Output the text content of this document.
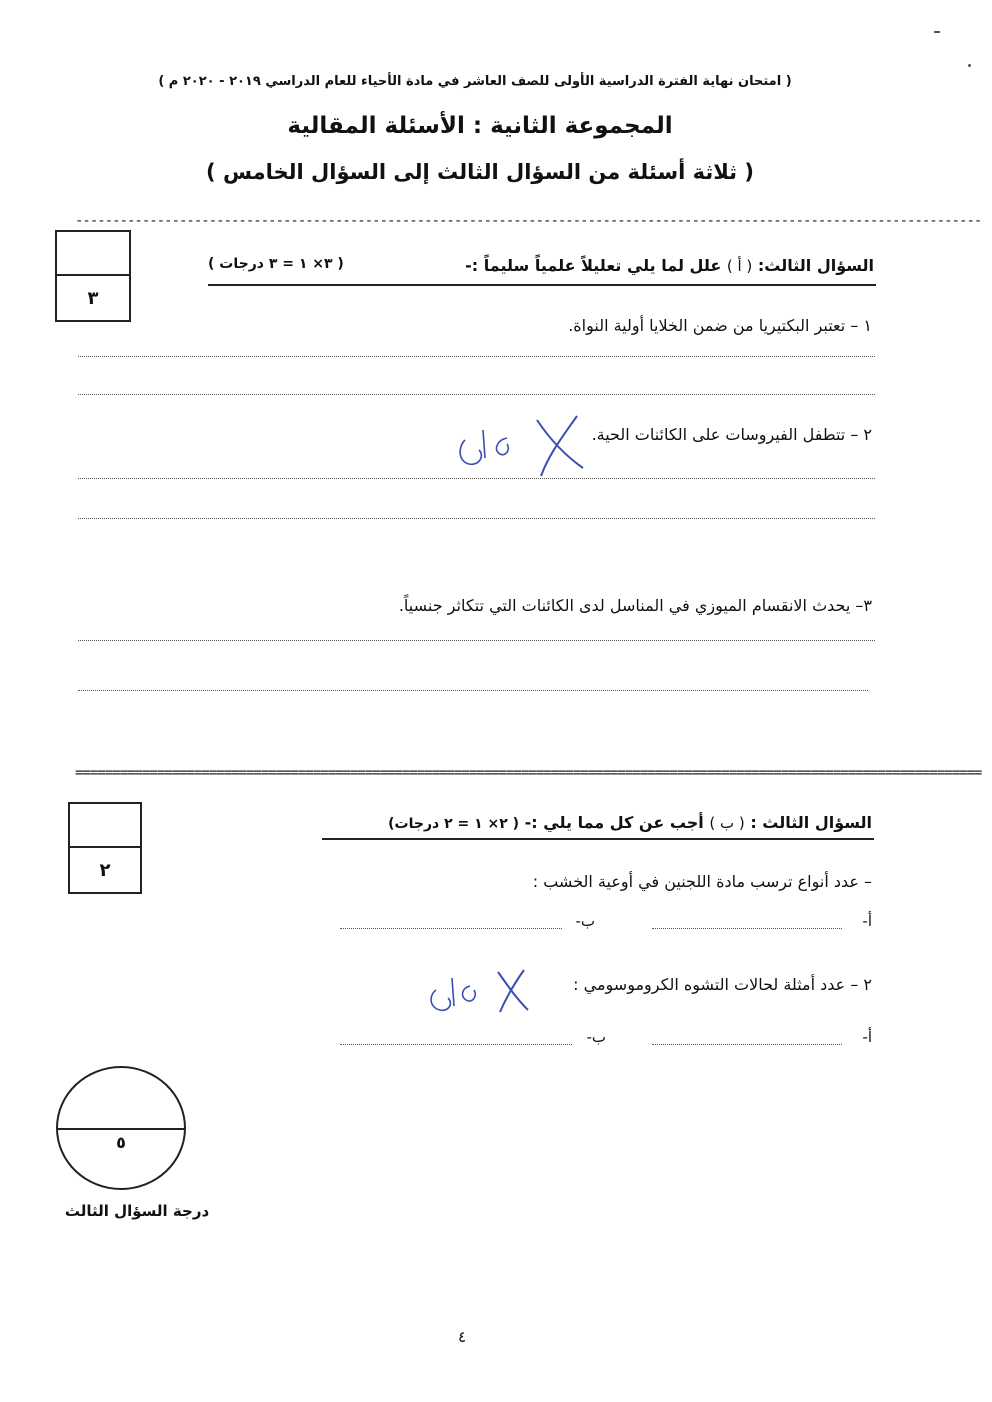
( امتحان نهاية الفترة الدراسية الأولى للصف العاشر في مادة الأحياء للعام الدراسي ٢٠١٩ - ٢٠٢٠ م )
المجموعة الثانية : الأسئلة المقالية
( ثلاثة أسئلة من السؤال الثالث إلى السؤال الخامس )
--------------------------------------------------------------------------------------------------------------------------
٣
السؤال الثالث: ( أ ) علل لما يلي تعليلاً علمياً سليماً :-
( ٣× ١ = ٣ درجات )
١ – تعتبر البكتيريا من ضمن الخلايا أولية النواة.
٢ – تتطفل الفيروسات على الكائنات الحية.
٣– يحدث الانقسام الميوزي في المناسل لدى الكائنات التي تتكاثر جنسياً.
==========================================================================================================================
٢
السؤال الثالث : ( ب ) أجب عن كل مما يلي :- ( ٢× ١ = ٢ درجات)
– عدد أنواع ترسب مادة اللجنين في أوعية الخشب :
أ-
ب-
٢ – عدد أمثلة لحالات التشوه الكروموسومي :
أ-
ب-
٥
درجة السؤال الثالث
٤
